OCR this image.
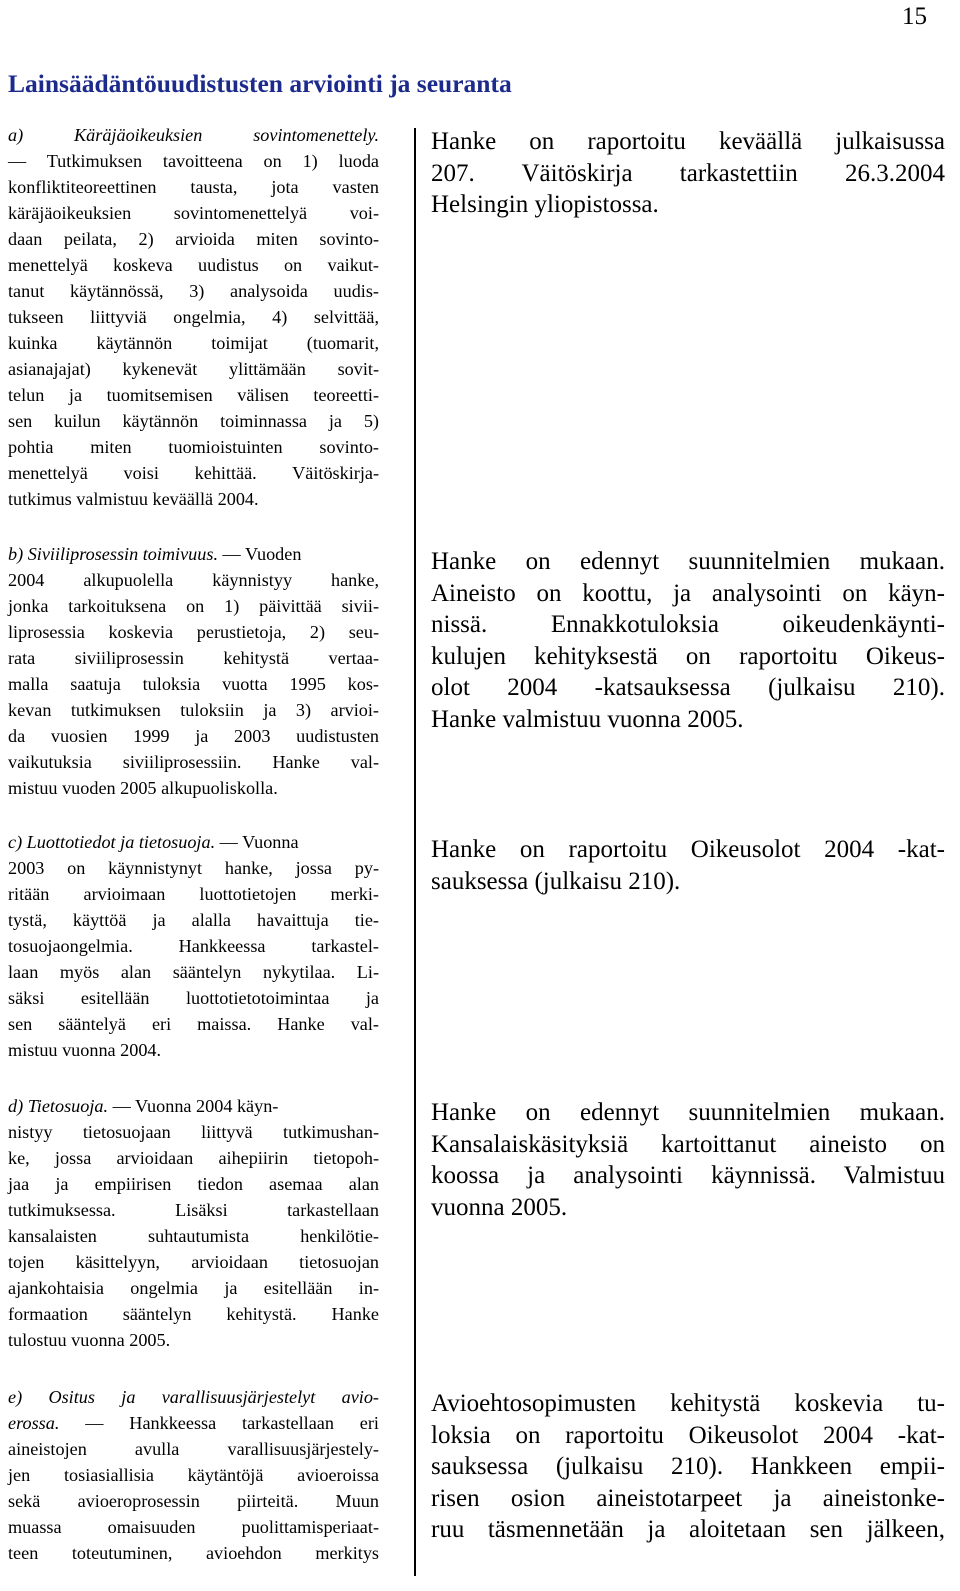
15
Lainsäädäntöuudistusten arviointi ja seuranta
a) Käräjäoikeuksien sovintomenettely.
— Tutkimuksen tavoitteena on 1) luoda
konfliktiteoreettinen tausta, jota vasten
käräjäoikeuksien sovintomenettelyä voi-
daan peilata, 2) arvioida miten sovinto-
menettelyä koskeva uudistus on vaikut-
tanut käytännössä, 3) analysoida uudis-
tukseen liittyviä ongelmia, 4) selvittää,
kuinka käytännön toimijat (tuomarit,
asianajajat) kykenevät ylittämään sovit-
telun ja tuomitsemisen välisen teoreetti-
sen kuilun käytännön toiminnassa ja 5)
pohtia miten tuomioistuinten sovinto-
menettelyä voisi kehittää. Väitöskirja-
tutkimus valmistuu keväällä 2004.
Hanke on raportoitu keväällä julkaisussa
207. Väitöskirja tarkastettiin 26.3.2004
Helsingin yliopistossa.
b) Siviiliprosessin toimivuus. — Vuoden
2004 alkupuolella käynnistyy hanke,
jonka tarkoituksena on 1) päivittää sivii-
liprosessia koskevia perustietoja, 2) seu-
rata siviiliprosessin kehitystä vertaa-
malla saatuja tuloksia vuotta 1995 kos-
kevan tutkimuksen tuloksiin ja 3) arvioi-
da vuosien 1999 ja 2003 uudistusten
vaikutuksia siviiliprosessiin. Hanke val-
mistuu vuoden 2005 alkupuoliskolla.
Hanke on edennyt suunnitelmien mukaan.
Aineisto on koottu, ja analysointi on käyn-
nissä. Ennakkotuloksia oikeudenkäynti-
kulujen kehityksestä on raportoitu Oikeus-
olot 2004 -katsauksessa (julkaisu 210).
Hanke valmistuu vuonna 2005.
c) Luottotiedot ja tietosuoja. — Vuonna
2003 on käynnistynyt hanke, jossa py-
ritään arvioimaan luottotietojen merki-
tystä, käyttöä ja alalla havaittuja tie-
tosuojaongelmia. Hankkeessa tarkastel-
laan myös alan sääntelyn nykytilaa. Li-
säksi esitellään luottotietotoimintaa ja
sen sääntelyä eri maissa. Hanke val-
mistuu vuonna 2004.
Hanke on raportoitu Oikeusolot 2004 -kat-
sauksessa (julkaisu 210).
d) Tietosuoja. — Vuonna 2004 käyn-
nistyy tietosuojaan liittyvä tutkimushan-
ke, jossa arvioidaan aihepiirin tietopoh-
jaa ja empiirisen tiedon asemaa alan
tutkimuksessa. Lisäksi tarkastellaan
kansalaisten suhtautumista henkilötie-
tojen käsittelyyn, arvioidaan tietosuojan
ajankohtaisia ongelmia ja esitellään in-
formaation sääntelyn kehitystä. Hanke
tulostuu vuonna 2005.
Hanke on edennyt suunnitelmien mukaan.
Kansalaiskäsityksiä kartoittanut aineisto on
koossa ja analysointi käynnissä. Valmistuu
vuonna 2005.
e) Ositus ja varallisuusjärjestelyt avio-
erossa. — Hankkeessa tarkastellaan eri
aineistojen avulla varallisuusjärjestely-
jen tosiasiallisia käytäntöjä avioeroissa
sekä avioeroprosessin piirteitä. Muun
muassa omaisuuden puolittamisperiaat-
teen toteutuminen, avioehdon merkitys
Avioehtosopimusten kehitystä koskevia tu-
loksia on raportoitu Oikeusolot 2004 -kat-
sauksessa (julkaisu 210). Hankkeen empii-
risen osion aineistotarpeet ja aineistonke-
ruu täsmennetään ja aloitetaan sen jälkeen,
